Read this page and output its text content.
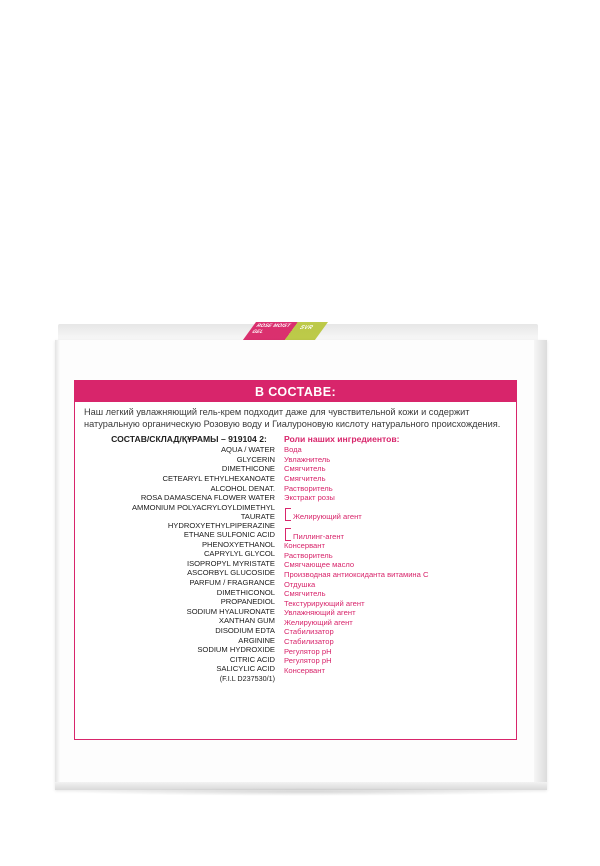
ROSE MOIST GEL
SVR
В СОСТАВЕ:
Наш легкий увлажняющий гель-крем подходит даже для чувствительной кожи и содержит натуральную органическую Розовую воду и Гиалуроновую кислоту натурального происхождения.
СОСТАВ/СКЛАД/ҚҰРАМЫ – 919104 2:
AQUA / WATER
GLYCERIN
DIMETHICONE
CETEARYL ETHYLHEXANOATE
ALCOHOL DENAT.
ROSA DAMASCENA FLOWER WATER
AMMONIUM POLYACRYLOYLDIMETHYL
TAURATE
HYDROXYETHYLPIPERAZINE
ETHANE SULFONIC ACID
PHENOXYETHANOL
CAPRYLYL GLYCOL
ISOPROPYL MYRISTATE
ASCORBYL GLUCOSIDE
PARFUM / FRAGRANCE
DIMETHICONOL
PROPANEDIOL
SODIUM HYALURONATE
XANTHAN GUM
DISODIUM EDTA
ARGININE
SODIUM HYDROXIDE
CITRIC ACID
SALICYLIC ACID
(F.I.L D237530/1)
Роли наших ингредиентов:
Вода
Увлажнитель
Смягчитель
Смягчитель
Растворитель
Экстракт розы
Желирующий агент
Пиллинг-агент
Консервант
Растворитель
Смягчающее масло
Производная антиоксиданта витамина С
Отдушка
Смягчитель
Текстурирующий агент
Увлажняющий агент
Желирующий агент
Стабилизатор
Стабилизатор
Регулятор pH
Регулятор pH
Консервант
